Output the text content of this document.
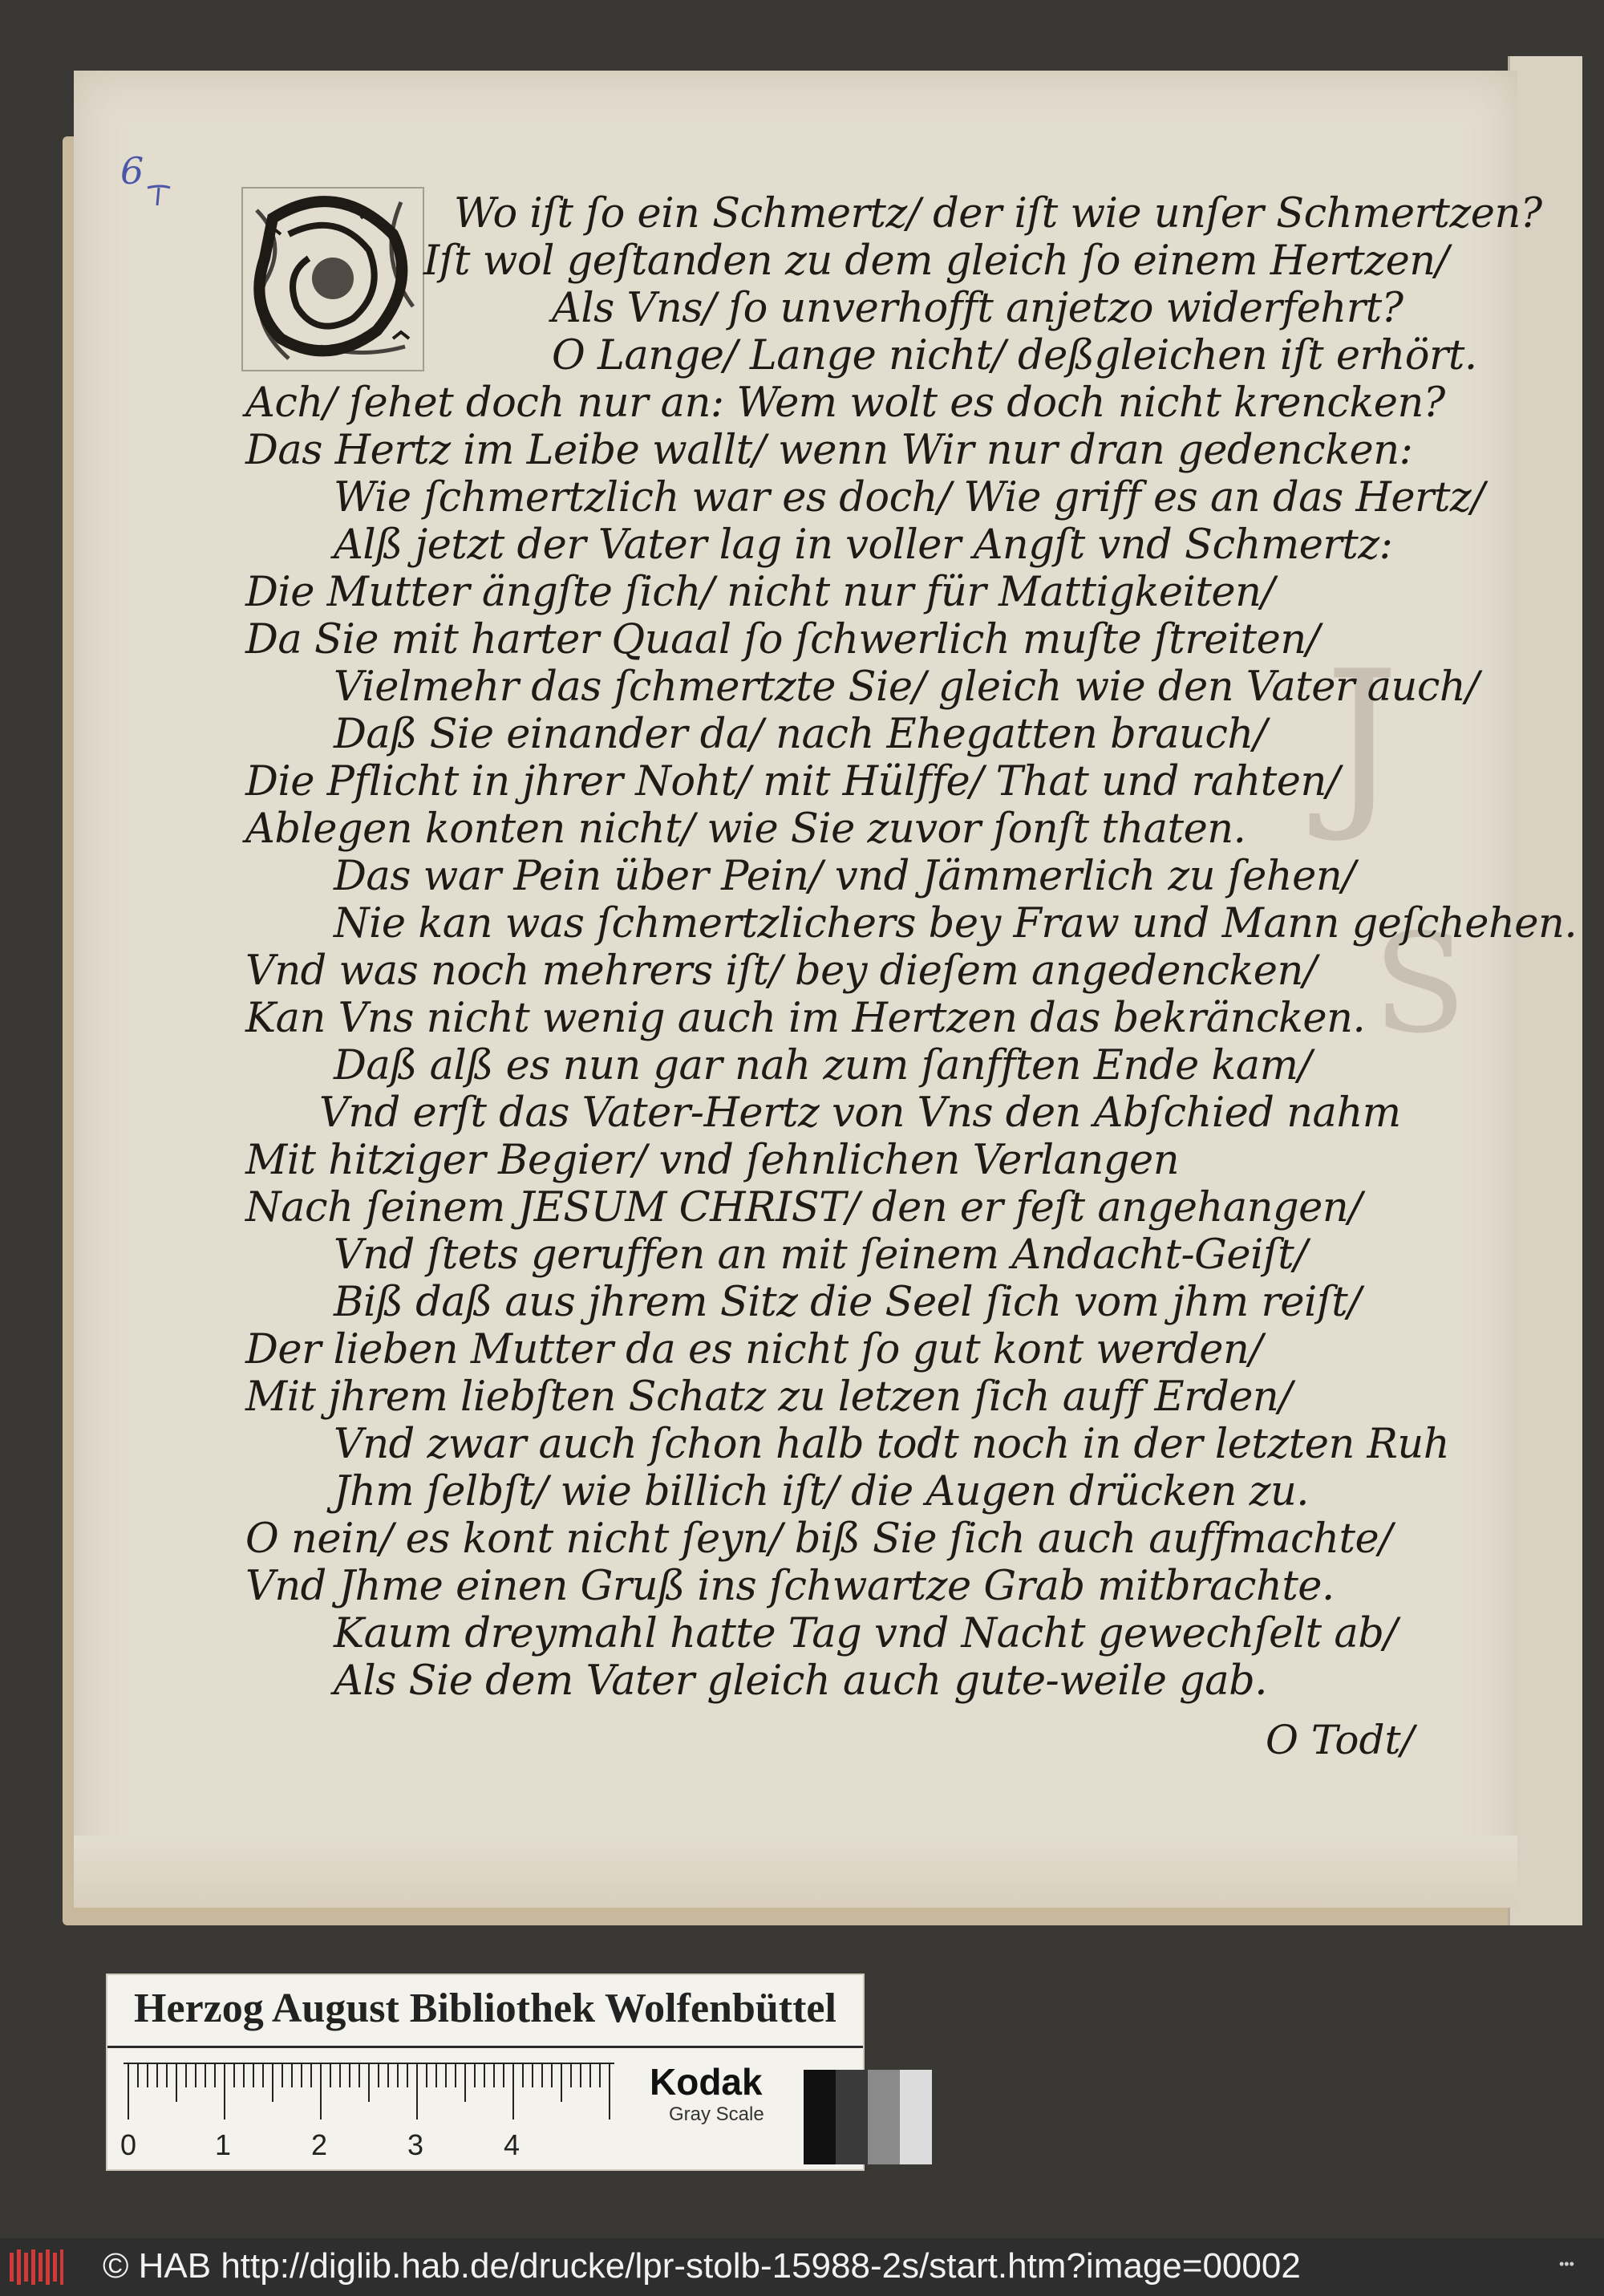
J
S
6
Wo iſt ſo ein Schmertz/ der iſt wie unſer Schmertzen?
Iſt wol geſtanden zu dem gleich ſo einem Hertzen/
Als Vns/ ſo unverhofft anjetzo widerfehrt?
O Lange/ Lange nicht/ deßgleichen iſt erhört.
Ach/ ſehet doch nur an: Wem wolt es doch nicht krencken?
Das Hertz im Leibe wallt/ wenn Wir nur dran gedencken:
Wie ſchmertzlich war es doch/ Wie griff es an das Hertz/
Alß jetzt der Vater lag in voller Angſt vnd Schmertz:
Die Mutter ängſte ſich/ nicht nur für Mattigkeiten/
Da Sie mit harter Quaal ſo ſchwerlich muſte ſtreiten/
Vielmehr das ſchmertzte Sie/ gleich wie den Vater auch/
Daß Sie einander da/ nach Ehegatten brauch/
Die Pflicht in jhrer Noht/ mit Hülffe/ That und rahten/
Ablegen konten nicht/ wie Sie zuvor ſonſt thaten.
Das war Pein über Pein/ vnd Jämmerlich zu ſehen/
Nie kan was ſchmertzlichers bey Fraw und Mann geſchehen.
Vnd was noch mehrers iſt/ bey dieſem angedencken/
Kan Vns nicht wenig auch im Hertzen das bekräncken.
Daß alß es nun gar nah zum ſanfften Ende kam/
Vnd erſt das Vater-Hertz von Vns den Abſchied nahm
Mit hitziger Begier/ vnd ſehnlichen Verlangen
Nach ſeinem JESUM CHRIST/ den er feſt angehangen/
Vnd ſtets geruffen an mit ſeinem Andacht-Geiſt/
Biß daß aus jhrem Sitz die Seel ſich vom jhm reiſt/
Der lieben Mutter da es nicht ſo gut kont werden/
Mit jhrem liebſten Schatz zu letzen ſich auff Erden/
Vnd zwar auch ſchon halb todt noch in der letzten Ruh
Jhm ſelbſt/ wie billich iſt/ die Augen drücken zu.
O nein/ es kont nicht ſeyn/ biß Sie ſich auch auffmachte/
Vnd Jhme einen Gruß ins ſchwartze Grab mitbrachte.
Kaum dreymahl hatte Tag vnd Nacht gewechſelt ab/
Als Sie dem Vater gleich auch gute-weile gab.
O Todt/
Herzog August Bibliothek Wolfenbüttel
0	1	2	3	4
Kodak
Gray Scale
© HAB http://diglib.hab.de/drucke/lpr-stolb-15988-2s/start.htm?image=00002	•••
